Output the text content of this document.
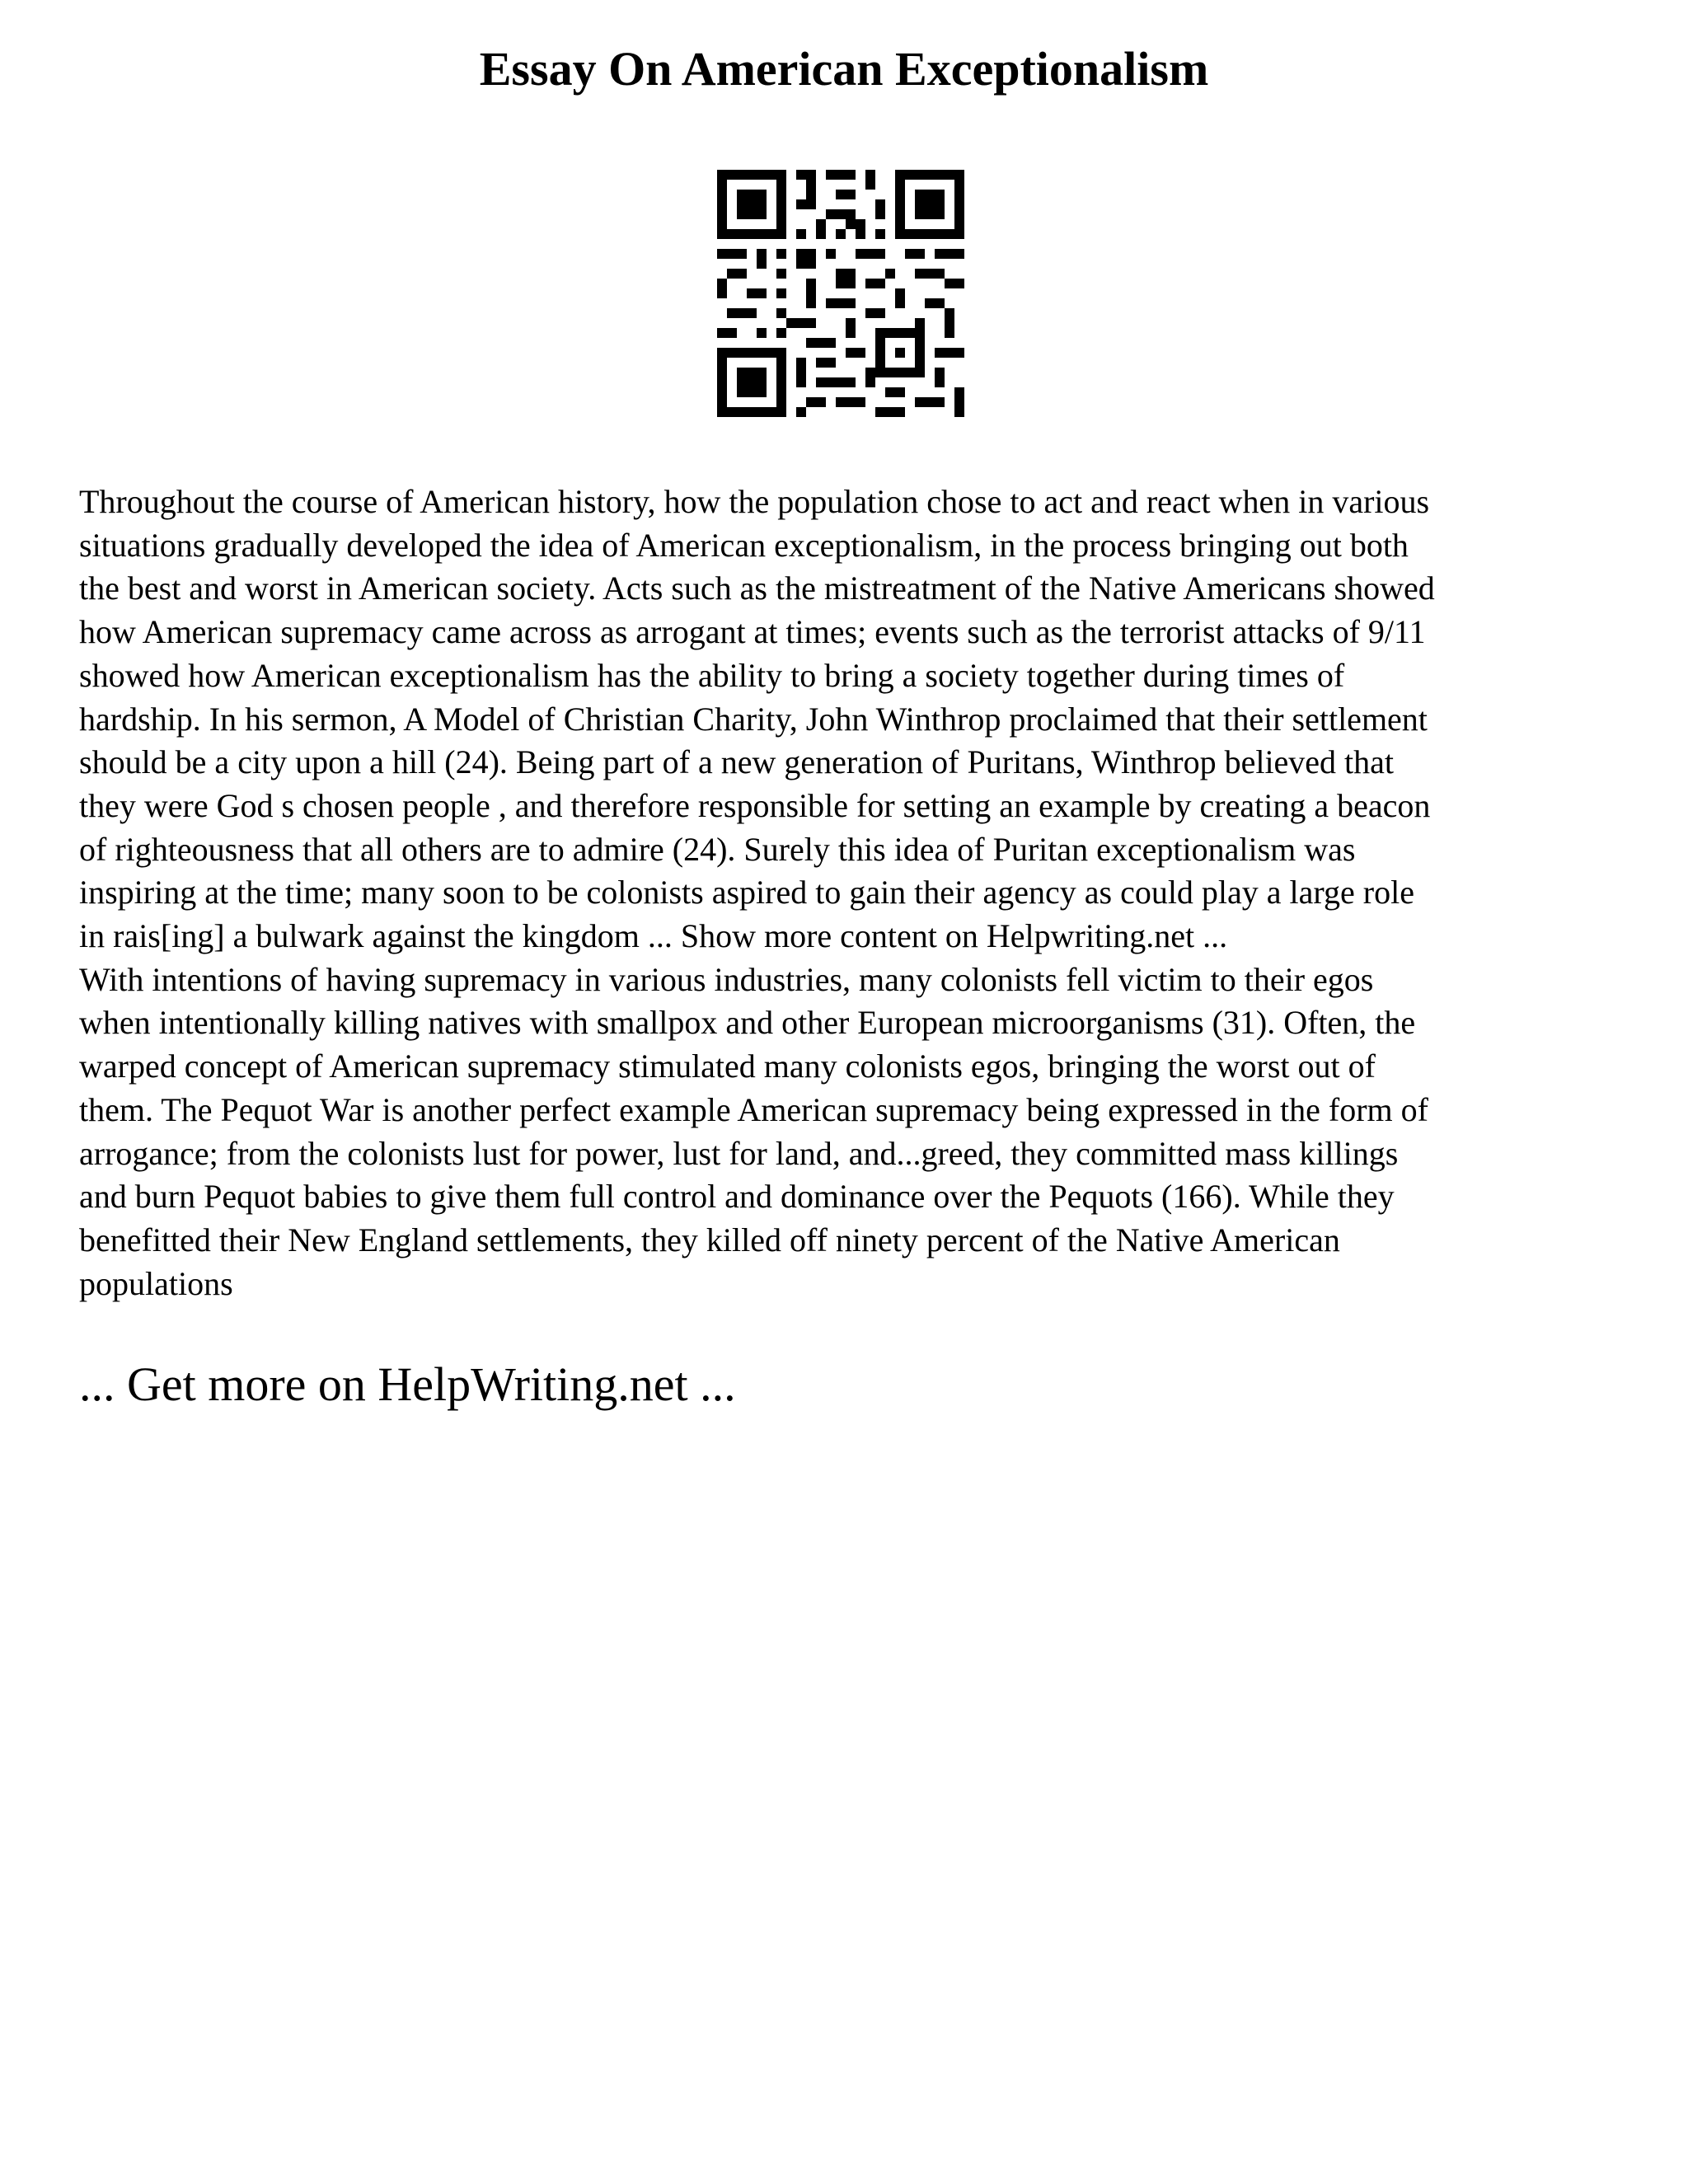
Essay On American Exceptionalism

Throughout the course of American history, how the population chose to act and react when in various
situations gradually developed the idea of American exceptionalism, in the process bringing out both
the best and worst in American society. Acts such as the mistreatment of the Native Americans showed
how American supremacy came across as arrogant at times; events such as the terrorist attacks of 9/11
showed how American exceptionalism has the ability to bring a society together during times of
hardship. In his sermon, A Model of Christian Charity, John Winthrop proclaimed that their settlement
should be a city upon a hill (24). Being part of a new generation of Puritans, Winthrop believed that
they were God s chosen people , and therefore responsible for setting an example by creating a beacon
of righteousness that all others are to admire (24). Surely this idea of Puritan exceptionalism was
inspiring at the time; many soon to be colonists aspired to gain their agency as could play a large role
in rais[ing] a bulwark against the kingdom ... Show more content on Helpwriting.net ...
With intentions of having supremacy in various industries, many colonists fell victim to their egos
when intentionally killing natives with smallpox and other European microorganisms (31). Often, the
warped concept of American supremacy stimulated many colonists egos, bringing the worst out of
them. The Pequot War is another perfect example American supremacy being expressed in the form of
arrogance; from the colonists lust for power, lust for land, and...greed, they committed mass killings
and burn Pequot babies to give them full control and dominance over the Pequots (166). While they
benefitted their New England settlements, they killed off ninety percent of the Native American
populations

... Get more on HelpWriting.net ...
